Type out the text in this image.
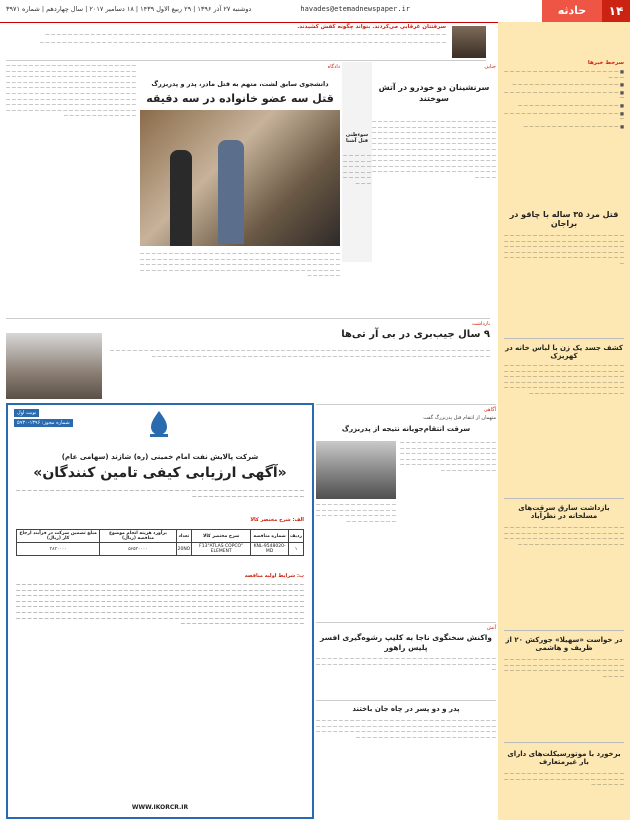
۱۴
حادثه
havades@etemadnewspaper.ir
دوشنبه ۲۷ آذر ۱۳۹۶ | ۲۹ ربیع الاول ۱۴۳۹ | ۱۸ دسامبر ۲۰۱۷ | سال چهاردهم | شماره ۳۹۷۱
سرقتتان غرقابی می‌کردند. بتواند چگونه کفش کشیدند.

— — — — — — — — — — — — — — — — — — — — — — — — — — — — — — — — — — — — — — — — — — — — — — — — — — — — — — — — — — — — — — — — — — — — — — —

— — — — — — — — — — — — — — — — — — — — — — — — — — — — — — — — — — — — — — — — — — — — — — — — — — — — — — — — — — — — — — — — — — — — — — — —

سرخط خبرها

■ — — — — — — — — — — — — — — — — — — — — — — —

■ — — — — — — — — — — — — — — — — — — —

■ — — — — — — — — — — — — — — — — — — — — —

■ — — — — — — — — — — — — — — — — — —

■ — — — — — — — — — — — — — — — — — — — — —

■ — — — — — — — — — — — — — — — — —

قتل مرد ۳۵ ساله با چاقو در براجان

— — — — — — — — — — — — — — — — — — — — — — — — — — — — — — — — — — — — — — — — — — — — — — — — — — — — — — — — — — — — — — — — — — — — — — — — — — — — — — — — — — — — — — — — — — — — — — — — — — — — — — — — — —

کشف جسد یک زن با لباس خانه در کهریزک

— — — — — — — — — — — — — — — — — — — — — — — — — — — — — — — — — — — — — — — — — — — — — — — — — — — — — — — — — — — — — — — — — — — — — — — — — — — — — — — — — — — — — — — — — — — — — — — — — — — — — — — — — — — — — — — — — — — — — — — — — —

بازداشت سارق سرقت‌های مسلحانه در نظرآباد

— — — — — — — — — — — — — — — — — — — — — — — — — — — — — — — — — — — — — — — — — — — — — — — — — — — — — — — — — — — — — — — — — — — — — — — — — — — — — — — — — —

در خواست «سهیلا» جورکش ۲۰ از ظریف و هاشمی

— — — — — — — — — — — — — — — — — — — — — — — — — — — — — — — — — — — — — — — — — — — — — — — — — — — — — — — — — — — — — — — — — — —

برخورد با موتورسیکلت‌های دارای بار غیرمتعارف

— — — — — — — — — — — — — — — — — — — — — — — — — — — — — — — — — — — — — — — — — — — — — — — —

جنایی
سرنشینان دو خودرو در آتش سوختند

— — — — — — — — — — — — — — — — — — — — — — — — — — — — — — — — — — — — — — — — — — — — — — — — — — — — — — — — — — — — — — — — — — — — — — — — — — — — — — — — — — — — — — — — — — — — — — — — — — — — — — — — — — — — — — — — — — — — — — — — — — — — — — — — — — — — — — — — — — — — — — — — — — — — — — — — — — — — — — — — — — — — — — — — — — — — — — — — — — — — — — — — — — — — — — — — — — — — — — — — — — — — — — — — — — — — — — — — — — — — — — — —

سوءظنی قتل آشنا

— — — — — — — — — — — — — — — — — — — — — — — — — — — —

دادگاه
دانشجوی سابق لشت، متهم به قتل مادر، پدر و پدربزرگ
قتل سه عضو خانواده در سه دقیقه

— — — — — — — — — — — — — — — — — — — — — — — — — — — — — — — — — — — — — — — — — — — — — — — — — — — — — — — — — — — — — — — — — — — — — — — — — — — — — — — — — — — — — — — — — — — — — — — — — — — — — — — — — — — — — — — — — — — — — — — — — — — — — — — — — — — — — — — — — — — — — — — — — —

— — — — — — — — — — — — — — — — — — — — — — — — — — — — — — — — — — — — — — — — — — — — — — — — — — — — — — — — — — — — — — — — — — — — — — — — — — — — — — — — — — — — — — — — — — — — — — — — — — — — — — — — — — — — — — — — — — — — — — — — — — — — — — — — — — — — — — — — — — — — — — — — — — — — — — — — — — — — — — — — — — — — — — — — — — — — — — — — — — — — — — — — — — — — — — — — — — — — — — — — — — — — — — — — — — — — — — — — — — — —

بازداشت
۹ سال جیب‌بری در بی آر تی‌ها

— — — — — — — — — — — — — — — — — — — — — — — — — — — — — — — — — — — — — — — — — — — — — — — — — — — — — — — — — — — — — — — — — — — — — — — — — — — — — — — — — — — — — — — — — — — — — — — — — — — — — — — — — — — — — — — — — — — — — — — — — — — — — — —

آگاهی
متهمان از انتقام قتل پدربزرگ گفت
سرقت انتقام‌جویانه نتیجه از پدربزرگ

— — — — — — — — — — — — — — — — — — — — — — — — — — — — — — — — — — — — — — — — — — — — — — — — — — — — — — — — — — — — — — — — — — — — — — — — — — — — — — — — — — — — — — — — — — — — — — —

— — — — — — — — — — — — — — — — — — — — — — — — — — — — — — — — — — — — — — — — — — — — — — — — — — —

آتش
واکنش سخنگوی ناجا به کلیپ رشوه‌گیری افسر پلیس راهور

— — — — — — — — — — — — — — — — — — — — — — — — — — — — — — — — — — — — — — — — — — — — — — — — — — — — — — — — — — — — — — — — —

پدر و دو پسر در چاه جان باختند

— — — — — — — — — — — — — — — — — — — — — — — — — — — — — — — — — — — — — — — — — — — — — — — — — — — — — — — — — — — — — — — — — — — — — — — — — — — — — — — — — — — — — — — — — — — — — — — — — — — — — — — — — — — — — — — — — — — — — — — — —

نوبت اول
شماره مجوز: ۱۳۹۶-۵۹۳۰
شرکت پالایش نفت امام خمینی (ره) شازند (سهامی عام)
«آگهی ارزیابی کیفی تامین کنندگان»

— — — — — — — — — — — — — — — — — — — — — — — — — — — — — — — — — — — — — — — — — — — — — — — — — — — — — — — — — — — — — — — — — — — — — — —

الف: شرح مختصر کالا
ردیف	شماره مناقصه	شرح مختصر کالا	تعداد	برآورد هزینه انجام موضوع مناقصه (ریال)	مبلغ تضمین شرکت در فرآیند ارجاع کار (ریال)
۱	KNL-9548020-MD	F13"ATLAS COPCO" ELEMENT	20NO	۵۶۵۳۰۰۰۰	۳۸۳۰۰۰۰
ب: شرایط اولیه مناقصه

— — — — — — — — — — — — — — — — — — — — — — — — — — — — — — — — — — — — — — — — — — — — — — — — — — — — — — — — — — — — — — — — — — — — — — — — — — — — — — — — — — — — — — — — — — — — — — — — — — — — — — — — — — — — — — — — — — — — — — — — — — — — — — — — — — — — — — — — — — — — — — — — — — — — — — — — — — — — — — — — — — — — — — — — — — — — — — — — — — — — — — — — — — — — — — — — — — — — — — — — — — — — — — — — — — — — — — — — — — — — — — — — — — — — — — — — — — — — — — — — — — — — — — — — — — — — — — — — — — — — — — — — — — — — — — — — — — — — — — — — — — — — — — — — — — — — — — — — — — — — — — — — — — — — — — — — — — — — — — — — — — — — — — — — — — — — — — — — — — — — — — — — — — — — — — — — — — — — — — — — — — — — — — — — — — — — — — — — — — —

WWW.IKORCR.IR
